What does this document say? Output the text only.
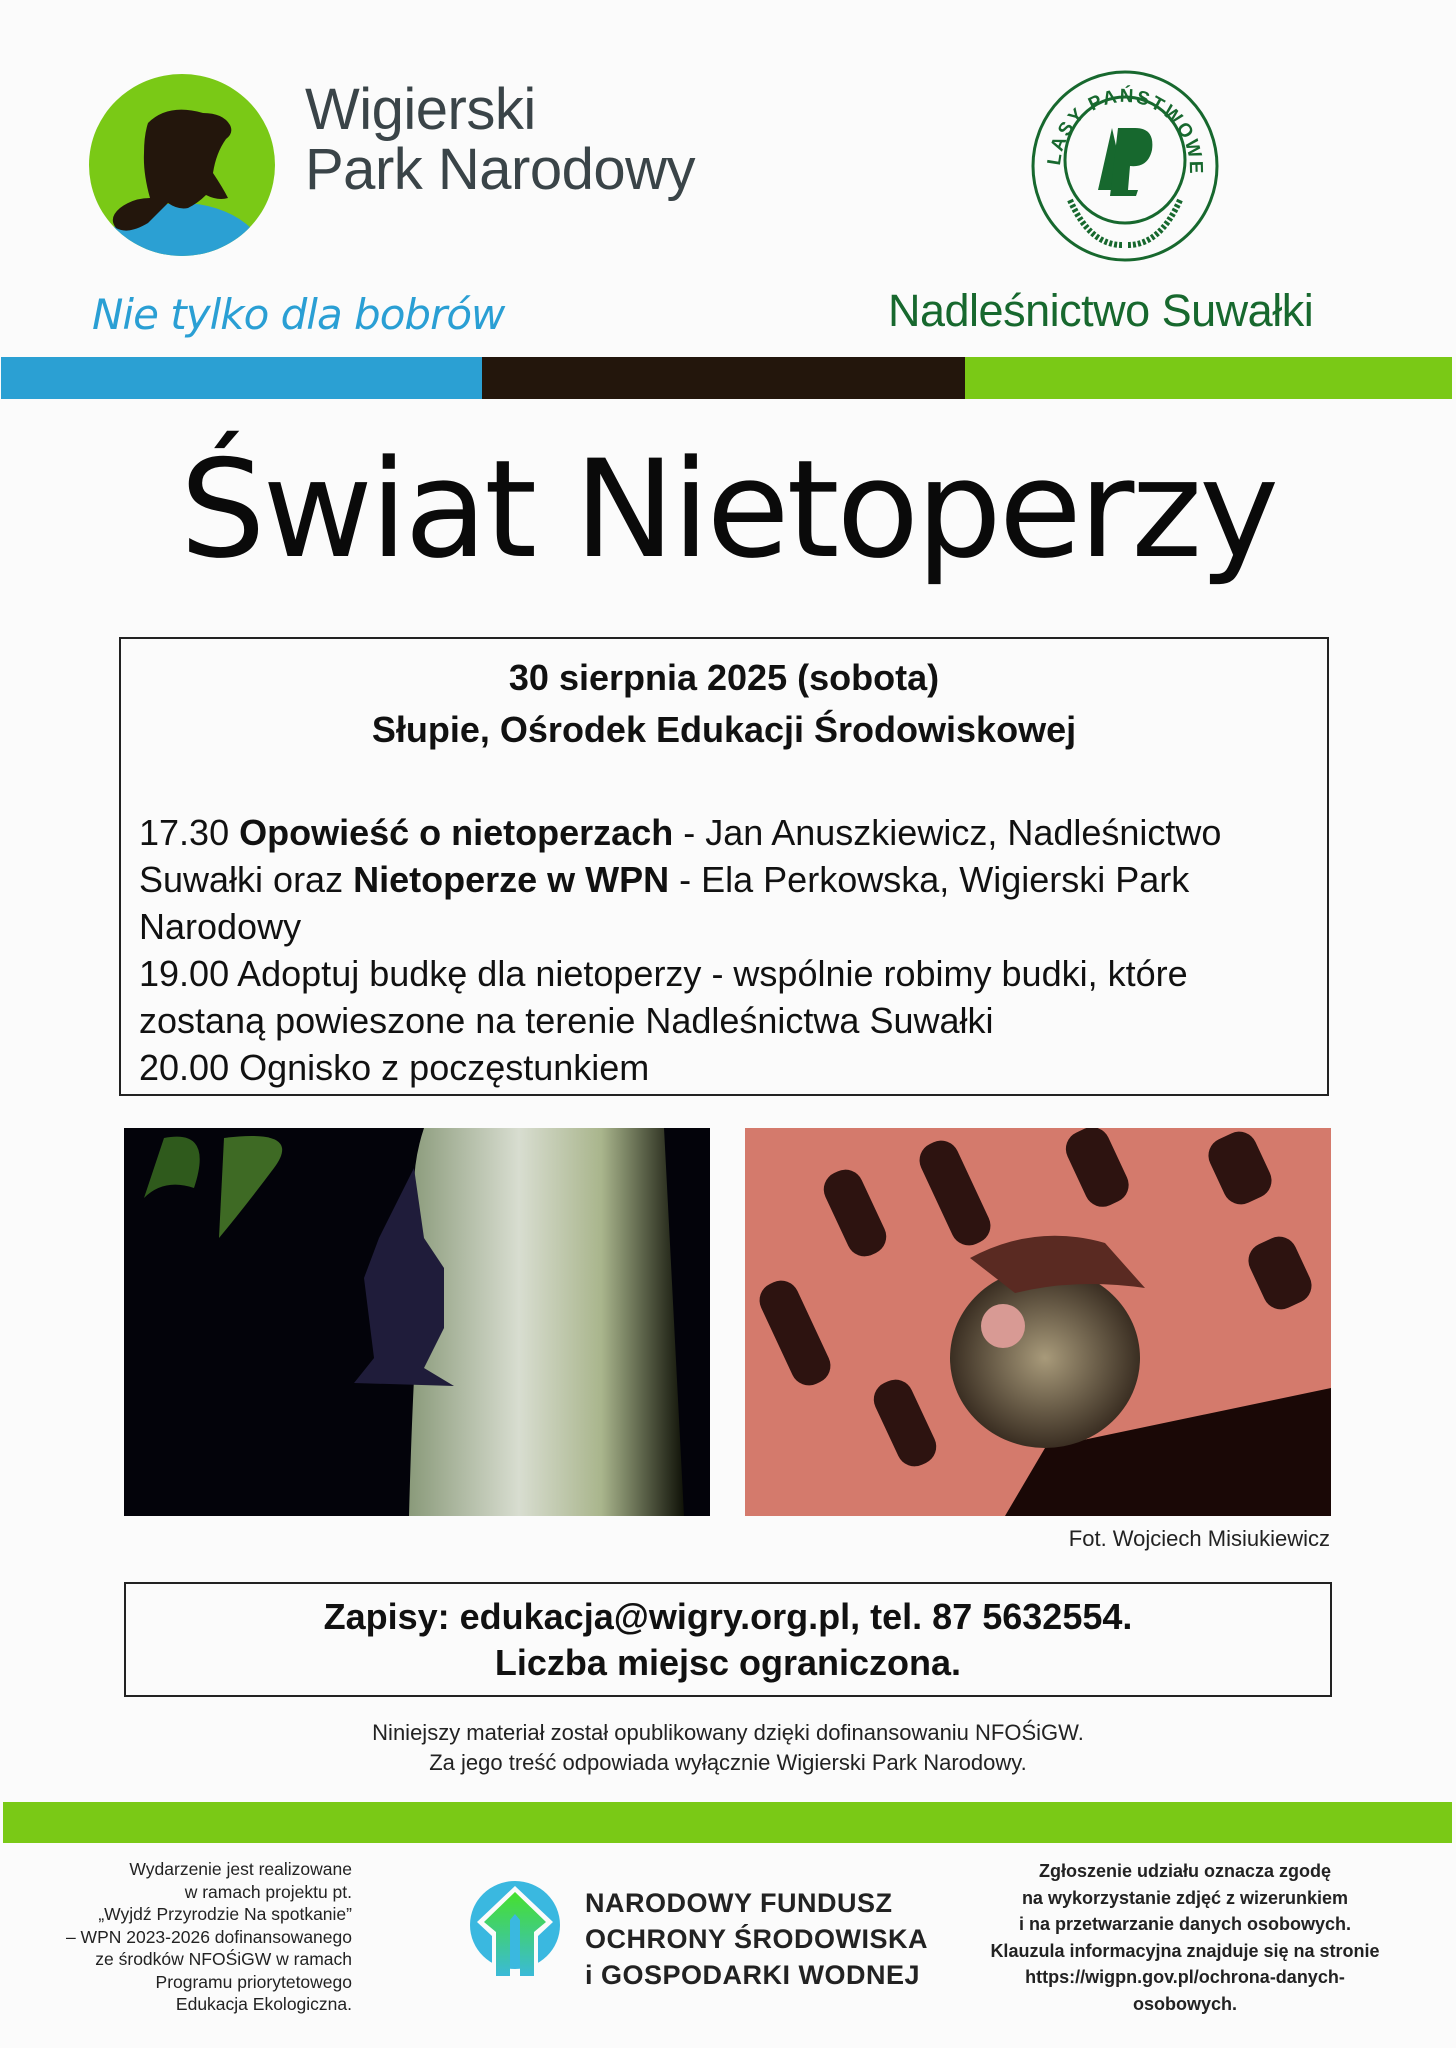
Wigierski
Park Narodowy
Nie tylko dla bobrów
LASY PAŃSTWOWE
Nadleśnictwo Suwałki
Świat Nietoperzy
30 sierpnia 2025 (sobota)
Słupie, Ośrodek Edukacji Środowiskowej

17.30 Opowieść o nietoperzach - Jan Anuszkiewicz, Nadleśnictwo Suwałki oraz Nietoperze w WPN - Ela Perkowska, Wigierski Park Narodowy

19.00 Adoptuj budkę dla nietoperzy - wspólnie robimy budki, które zostaną powieszone na terenie Nadleśnictwa Suwałki

20.00 Ognisko z poczęstunkiem

Fot. Wojciech Misiukiewicz
Zapisy: edukacja@wigry.org.pl, tel. 87 5632554.
Liczba miejsc ograniczona.
Niniejszy materiał został opublikowany dzięki dofinansowaniu NFOŚiGW.
Za jego treść odpowiada wyłącznie Wigierski Park Narodowy.
Wydarzenie jest realizowane
w ramach projektu pt.
„Wyjdź Przyrodzie Na spotkanie”
– WPN 2023-2026 dofinansowanego
ze środków NFOŚiGW w ramach
Programu priorytetowego
Edukacja Ekologiczna.
NARODOWY FUNDUSZ
OCHRONY ŚRODOWISKA
i GOSPODARKI WODNEJ
Zgłoszenie udziału oznacza zgodę
na wykorzystanie zdjęć z wizerunkiem
i na przetwarzanie danych osobowych.
Klauzula informacyjna znajduje się na stronie
https://wigpn.gov.pl/ochrona-danych-
osobowych.
